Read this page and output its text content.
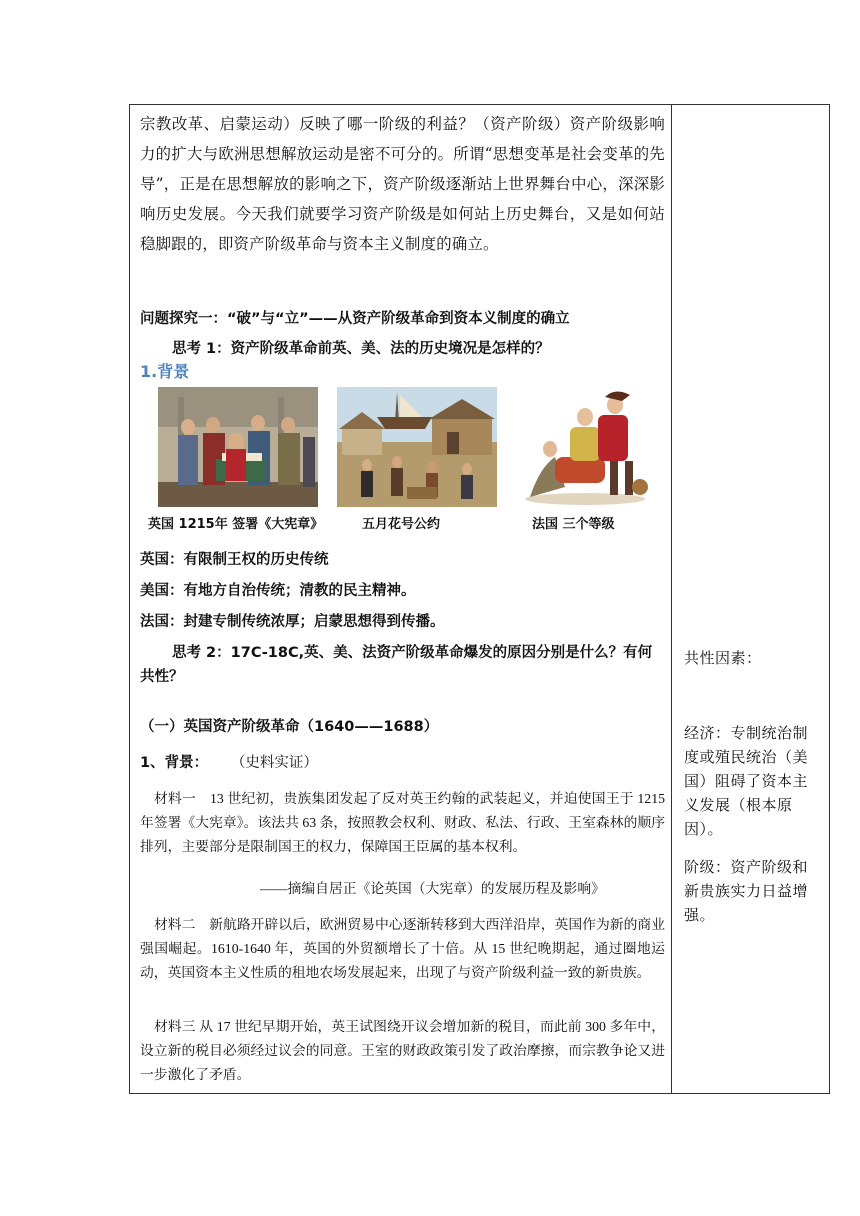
宗教改革、启蒙运动）反映了哪一阶级的利益？（资产阶级）资产阶级影响力的扩大与欧洲思想解放运动是密不可分的。所谓“思想变革是社会变革的先导”，正是在思想解放的影响之下，资产阶级逐渐站上世界舞台中心，深深影响历史发展。今天我们就要学习资产阶级是如何站上历史舞台，又是如何站稳脚跟的，即资产阶级革命与资本主义制度的确立。

问题探究一：“破”与“立”——从资产阶级革命到资本义制度的确立

思考 1：资产阶级革命前英、美、法的历史境况是怎样的？

1.背景

英国 1215年 签署《大宪章》	五月花号公约	法国 三个等级

英国：有限制王权的历史传统

美国：有地方自治传统；清教的民主精神。

法国：封建专制传统浓厚；启蒙思想得到传播。

思考 2：17C-18C,英、美、法资产阶级革命爆发的原因分别是什么？有何共性？

（一）英国资产阶级革命（1640——1688）

1、背景： （史料实证）

材料一　13 世纪初，贵族集团发起了反对英王约翰的武装起义，并迫使国王于 1215 年签署《大宪章》。该法共 63 条，按照教会权利、财政、私法、行政、王室森林的顺序排列，主要部分是限制国王的权力，保障国王臣属的基本权利。

——摘编自居正《论英国（大宪章）的发展历程及影响》

材料二　新航路开辟以后，欧洲贸易中心逐渐转移到大西洋沿岸，英国作为新的商业强国崛起。1610-1640 年，英国的外贸额增长了十倍。从 15 世纪晚期起，通过圈地运动，英国资本主义性质的租地农场发展起来，出现了与资产阶级利益一致的新贵族。

材料三 从 17 世纪早期开始，英王试图绕开议会增加新的税目，而此前 300 多年中，设立新的税目必须经过议会的同意。王室的财政政策引发了政治摩擦，而宗教争论又进一步激化了矛盾。

共性因素：

经济：专制统治制度或殖民统治（美国）阻碍了资本主义发展（根本原因）。

阶级：资产阶级和新贵族实力日益增强。
